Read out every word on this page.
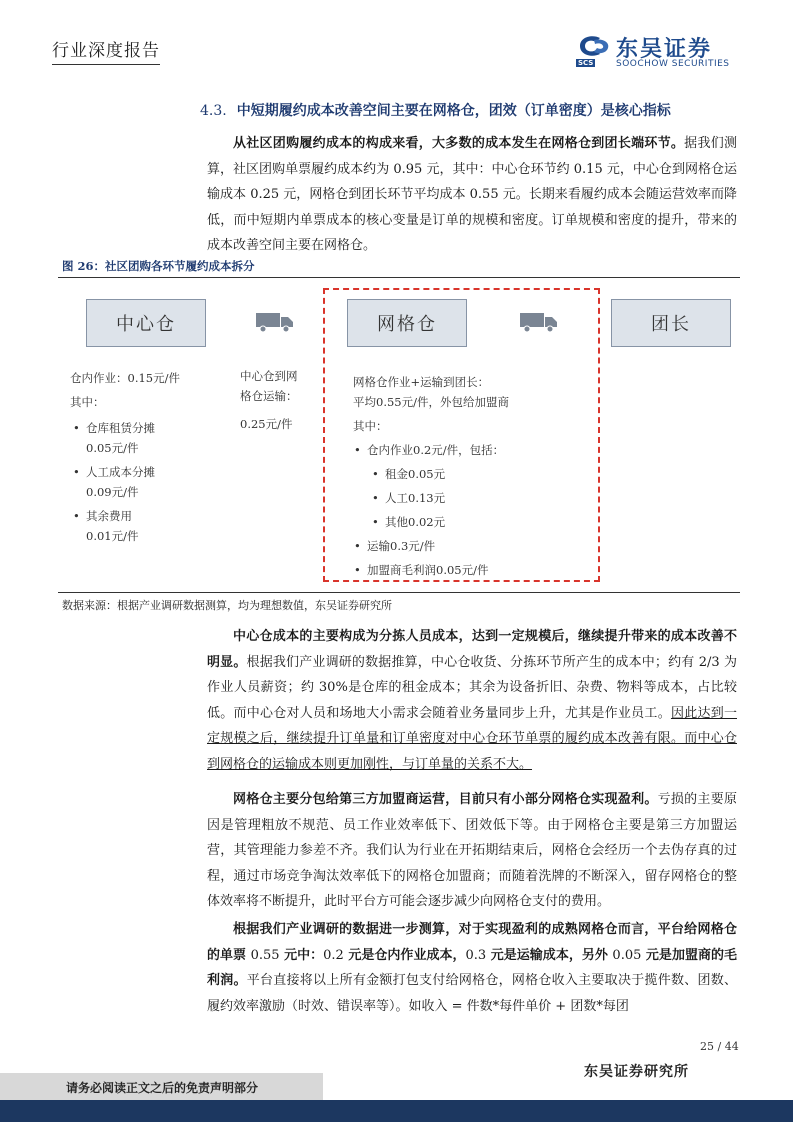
行业深度报告
SCS
东吴证券
SOOCHOW SECURITIES
4.3. 中短期履约成本改善空间主要在网格仓，团效（订单密度）是核心指标
从社区团购履约成本的构成来看，大多数的成本发生在网格仓到团长端环节。据我们测算，社区团购单票履约成本约为 0.95 元，其中：中心仓环节约 0.15 元，中心仓到网格仓运输成本 0.25 元，网格仓到团长环节平均成本 0.55 元。长期来看履约成本会随运营效率而降低，而中短期内单票成本的核心变量是订单的规模和密度。订单规模和密度的提升，带来的成本改善空间主要在网格仓。
图 26：社区团购各环节履约成本拆分
中心仓	网格仓	团长
仓内作业：0.15元/件
其中：
• 仓库租赁分摊
0.05元/件
• 人工成本分摊
0.09元/件
• 其余费用
0.01元/件
中心仓到网
格仓运输：
0.25元/件
网格仓作业+运输到团长：
平均0.55元/件，外包给加盟商
其中：
• 仓内作业0.2元/件，包括：
• 租金0.05元
• 人工0.13元
• 其他0.02元
• 运输0.3元/件
• 加盟商毛利润0.05元/件
数据来源：根据产业调研数据测算，均为理想数值，东吴证券研究所
中心仓成本的主要构成为分拣人员成本，达到一定规模后，继续提升带来的成本改善不明显。根据我们产业调研的数据推算，中心仓收货、分拣环节所产生的成本中；约有 2/3 为作业人员薪资；约 30%是仓库的租金成本；其余为设备折旧、杂费、物料等成本，占比较低。而中心仓对人员和场地大小需求会随着业务量同步上升，尤其是作业员工。因此达到一定规模之后，继续提升订单量和订单密度对中心仓环节单票的履约成本改善有限。而中心仓到网格仓的运输成本则更加刚性，与订单量的关系不大。
网格仓主要分包给第三方加盟商运营，目前只有小部分网格仓实现盈利。亏损的主要原因是管理粗放不规范、员工作业效率低下、团效低下等。由于网格仓主要是第三方加盟运营，其管理能力参差不齐。我们认为行业在开拓期结束后，网格仓会经历一个去伪存真的过程，通过市场竞争淘汰效率低下的网格仓加盟商；而随着洗牌的不断深入，留存网格仓的整体效率将不断提升，此时平台方可能会逐步减少向网格仓支付的费用。
根据我们产业调研的数据进一步测算，对于实现盈利的成熟网格仓而言，平台给网格仓的单票 0.55 元中：0.2 元是仓内作业成本，0.3 元是运输成本，另外 0.05 元是加盟商的毛利润。平台直接将以上所有金额打包支付给网格仓，网格仓收入主要取决于揽件数、团数、履约效率激励（时效、错误率等）。如收入 = 件数*每件单价 + 团数*每团
25 / 44
东吴证券研究所
请务必阅读正文之后的免责声明部分
